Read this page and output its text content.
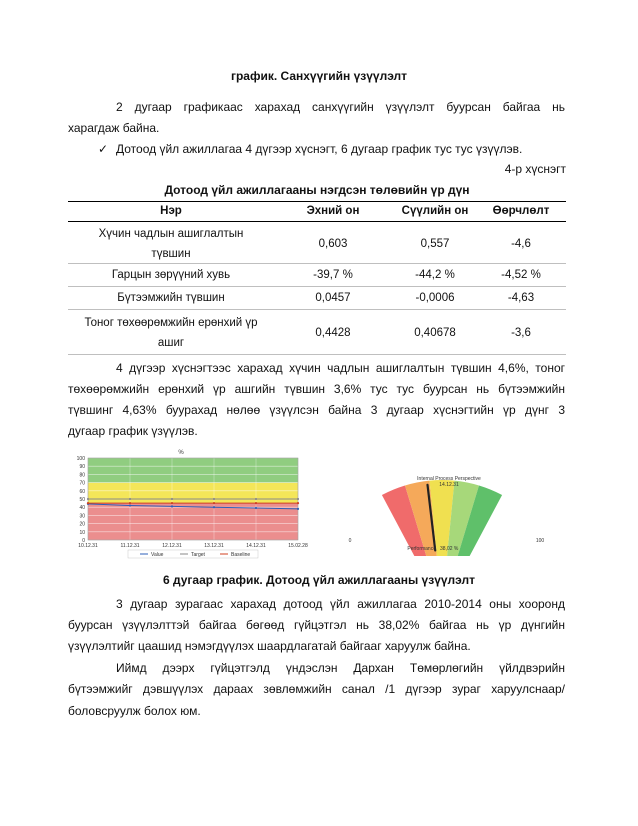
график. Санхүүгийн үзүүлэлт
2 дугаар графикаас харахад санхүүгийн үзүүлэлт буурсан байгаа нь
харагдаж байна.
✓ Дотоод үйл ажиллагаа 4 дүгээр хүснэгт, 6 дугаар график тус тус үзүүлэв.
4-р хүснэгт
Дотоод үйл ажиллагааны нэгдсэн төлөвийн үр дүн
Нэр	Эхний он	Сүүлийн он	Өөрчлөлт
Хүчин чадлын ашиглалтын
түвшин
0,603	0,557	-4,6
Гарцын зөрүүний хувь	-39,7 %	-44,2 %	-4,52 %
Бүтээмжийн түвшин	0,0457	-0,0006	-4,63
Тоног төхөөрөмжийн ерөнхий үр
ашиг
0,4428	0,40678	-3,6
4 дүгээр хүснэгтээс харахад хүчин чадлын ашиглалтын түвшин 4,6%, тоног
төхөөрөмжийн ерөнхий үр ашгийн түвшин 3,6% тус тус буурсан нь бүтээмжийн
түвшинг 4,63% буурахад нөлөө үзүүлсэн байна 3 дугаар хүснэгтийн үр дүнг 3
дугаар график үзүүлэв.
0
10
20
30
40
50
60
70
80
90
100
10.12.31	11.12.31	12.12.31	13.12.31	14.12.31	15.02.28
%
Value	Target	Baseline
Internal Process Perspective
14.12.31
Performance 38,02 %
0	100
6 дугаар график. Дотоод үйл ажиллагааны үзүүлэлт
3 дугаар зурагаас харахад дотоод үйл ажиллагаа 2010-2014 оны хооронд
буурсан үзүүлэлттэй байгаа бөгөөд гүйцэтгэл нь 38,02% байгаа нь үр дүнгийн
үзүүлэлтийг цаашид нэмэгдүүлэх шаардлагатай байгааг харуулж байна.
Иймд дээрх гүйцэтгэлд үндэслэн Дархан Төмөрлөгийн үйлдвэрийн
бүтээмжийг дэвшүүлэх дараах зөвлөмжийн санал /1 дүгээр зураг харуулснаар/
боловсруулж болох юм.
